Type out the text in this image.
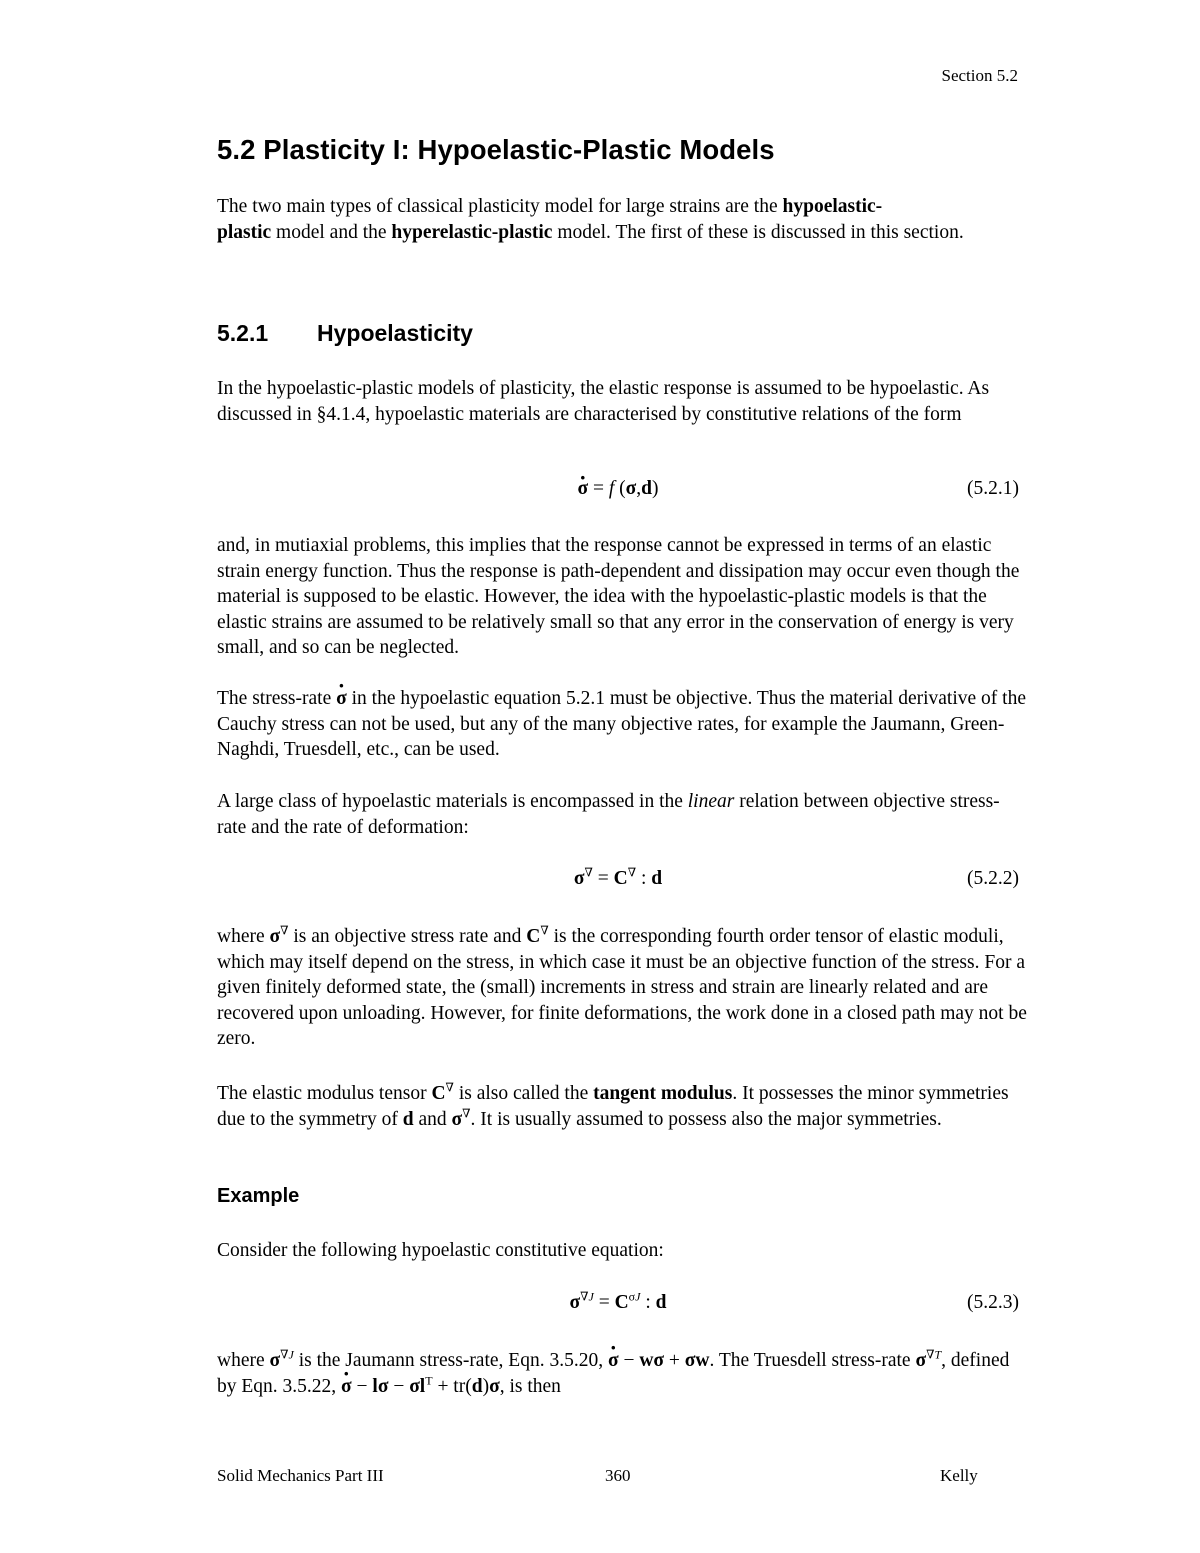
Section 5.2
5.2 Plasticity I: Hypoelastic-Plastic Models
The two main types of classical plasticity model for large strains are the hypoelastic-
plastic model and the hyperelastic-plastic model. The first of these is discussed in this section.
5.2.1 Hypoelasticity
In the hypoelastic-plastic models of plasticity, the elastic response is assumed to be hypoelastic. As discussed in §4.1.4, hypoelastic materials are characterised by constitutive relations of the form
· σ = f (σ,d)	(5.2.1)
and, in mutiaxial problems, this implies that the response cannot be expressed in terms of an elastic strain energy function. Thus the response is path-dependent and dissipation may occur even though the material is supposed to be elastic. However, the idea with the hypoelastic-plastic models is that the elastic strains are assumed to be relatively small so that any error in the conservation of energy is very small, and so can be neglected.
The stress-rate · σ in the hypoelastic equation 5.2.1 must be objective. Thus the material derivative of the Cauchy stress can not be used, but any of the many objective rates, for example the Jaumann, Green-Naghdi, Truesdell, etc., can be used.
A large class of hypoelastic materials is encompassed in the linear relation between objective stress-rate and the rate of deformation:
σ∇ = C∇ : d	(5.2.2)
where σ∇ is an objective stress rate and C∇ is the corresponding fourth order tensor of elastic moduli, which may itself depend on the stress, in which case it must be an objective function of the stress. For a given finitely deformed state, the (small) increments in stress and strain are linearly related and are recovered upon unloading. However, for finite deformations, the work done in a closed path may not be zero.
The elastic modulus tensor C∇ is also called the tangent modulus. It possesses the minor symmetries due to the symmetry of d and σ∇. It is usually assumed to possess also the major symmetries.
Example
Consider the following hypoelastic constitutive equation:
$\sigma^{\nabla J} = C^{\sigma J}$ : d	(5.2.3)
where $\sigma^{\nabla J}$ is the Jaumann stress-rate, Eqn. 3.5.20, · σ − wσ + σw. The Truesdell stress-rate $\sigma^{\nabla T}$, defined by Eqn. 3.5.22, · $\sigma - l\sigma - \sigma l^T + tr(d)\sigma$, is then
Solid Mechanics Part III	360	Kelly
